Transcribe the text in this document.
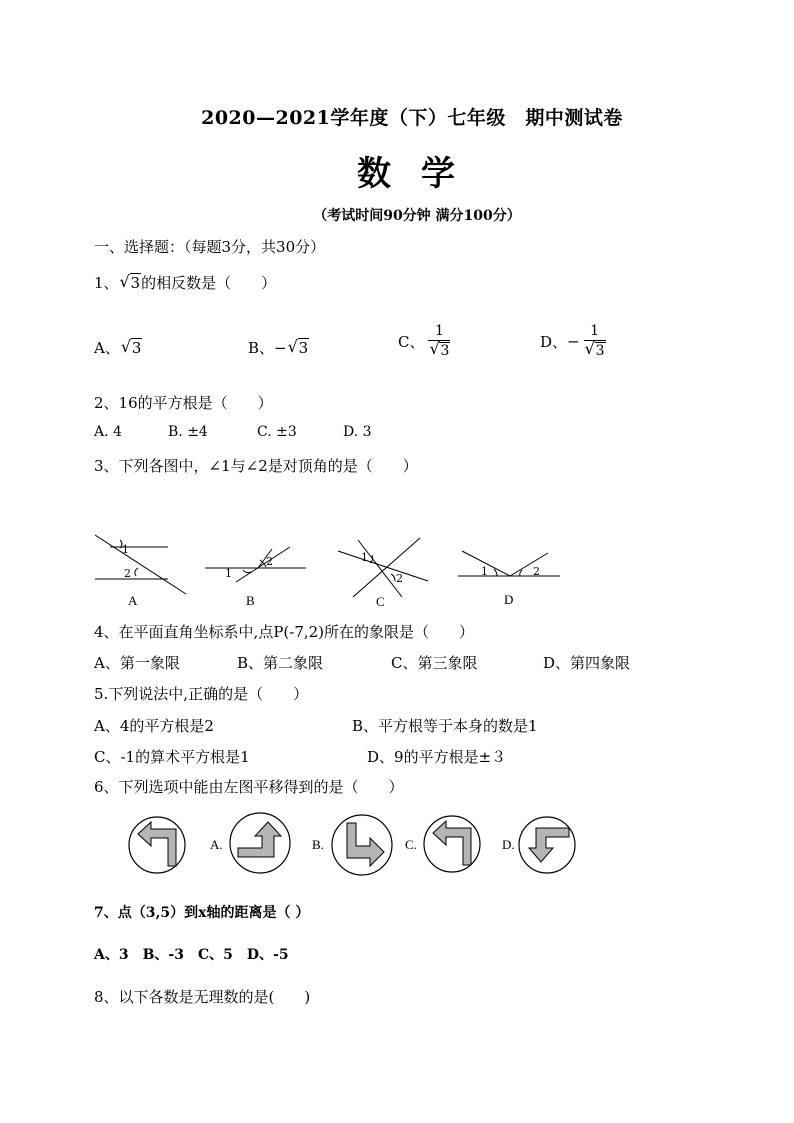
2020—2021学年度（下）七年级　期中测试卷
数学
（考试时间90分钟 满分100分）
一、选择题：（每题3分，共30分）
1、 √ 3的相反数是（　　）
A、 √ 3	B、− √ 3	C、 1
√ 3	D、− 1
√ 3
2、16的平方根是（　　）
A. 4	B. ±4	C. ±3	D. 3
3、下列各图中，∠1与∠2是对顶角的是（　　）
1
2
A
1
2
B
1
2
C
1	2
D
4、在平面直角坐标系中,点P(-7,2)所在的象限是（　　）
A、第一象限	B、第二象限	C、第三象限	D、第四象限
5.下列说法中,正确的是（　　）
A、4的平方根是2	B、平方根等于本身的数是1
C、-1的算术平方根是1	D、9的平方根是±３
6、下列选项中能由左图平移得到的是（　　）
A.	B.	C.	D.
7、点（3,5）到x轴的距离是（ ）
A、3　B、-3　C、5　D、-5
8、以下各数是无理数的是(　　)
